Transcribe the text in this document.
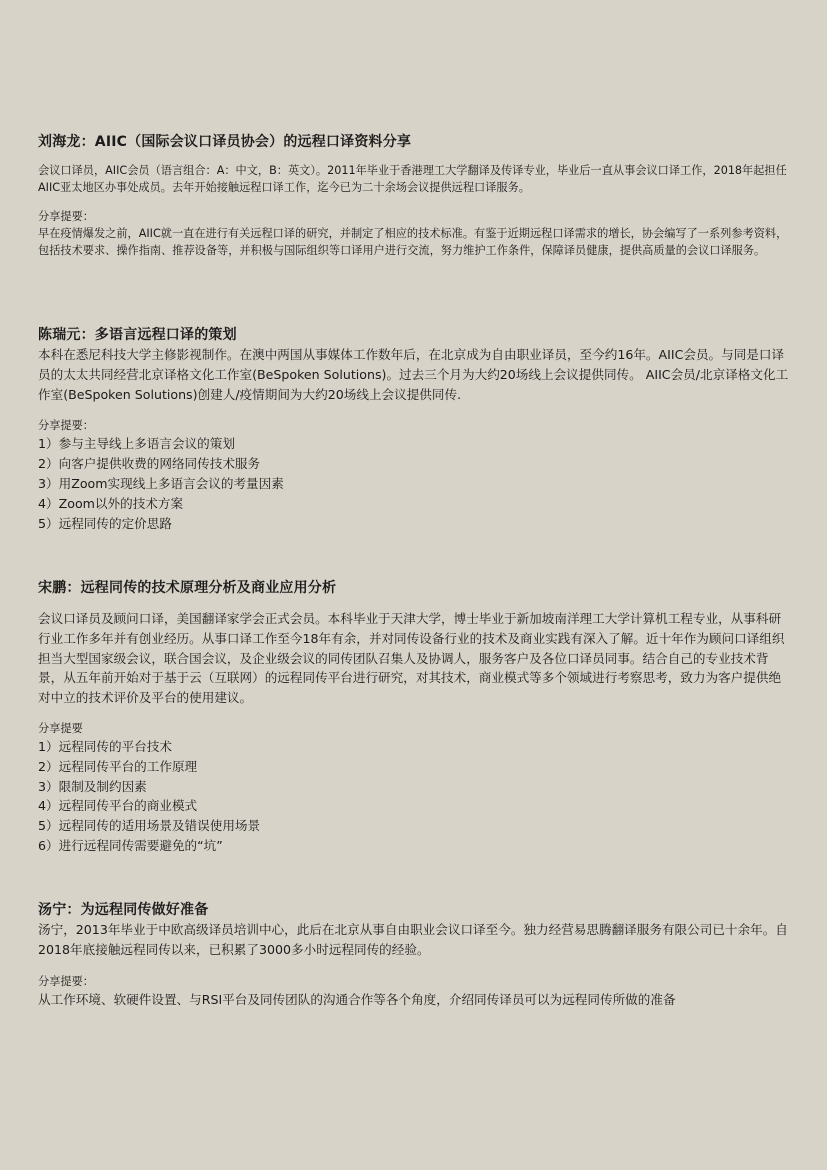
刘海龙：AIIC（国际会议口译员协会）的远程口译资料分享

会议口译员，AIIC会员（语言组合：A：中文，B：英文）。2011年毕业于香港理工大学翻译及传译专业，毕业后一直从事会议口译工作，2018年起担任AIIC亚太地区办事处成员。去年开始接触远程口译工作，迄今已为二十余场会议提供远程口译服务。

分享提要：

早在疫情爆发之前，AIIC就一直在进行有关远程口译的研究，并制定了相应的技术标准。有鉴于近期远程口译需求的增长，协会编写了一系列参考资料，包括技术要求、操作指南、推荐设备等，并积极与国际组织等口译用户进行交流，努力维护工作条件，保障译员健康，提供高质量的会议口译服务。

陈瑞元：多语言远程口译的策划

本科在悉尼科技大学主修影视制作。在澳中两国从事媒体工作数年后，在北京成为自由职业译员，至今约16年。AIIC会员。与同是口译员的太太共同经营北京译格文化工作室(BeSpoken Solutions)。过去三个月为大约20场线上会议提供同传。 AIIC会员/北京译格文化工作室(BeSpoken Solutions)创建人/疫情期间为大约20场线上会议提供同传.

分享提要：

1）参与主导线上多语言会议的策划
2）向客户提供收费的网络同传技术服务
3）用Zoom实现线上多语言会议的考量因素
4）Zoom以外的技术方案
5）远程同传的定价思路
宋鹏：远程同传的技术原理分析及商业应用分析

会议口译员及顾问口译，美国翻译家学会正式会员。本科毕业于天津大学，博士毕业于新加坡南洋理工大学计算机工程专业，从事科研行业工作多年并有创业经历。从事口译工作至今18年有余，并对同传设备行业的技术及商业实践有深入了解。近十年作为顾问口译组织担当大型国家级会议，联合国会议，及企业级会议的同传团队召集人及协调人，服务客户及各位口译员同事。结合自己的专业技术背景，从五年前开始对于基于云（互联网）的远程同传平台进行研究，对其技术，商业模式等多个领域进行考察思考，致力为客户提供绝对中立的技术评价及平台的使用建议。

分享提要

1）远程同传的平台技术
2）远程同传平台的工作原理
3）限制及制约因素
4）远程同传平台的商业模式
5）远程同传的适用场景及错误使用场景
6）进行远程同传需要避免的“坑”
汤宁：为远程同传做好准备

汤宁，2013年毕业于中欧高级译员培训中心，此后在北京从事自由职业会议口译至今。独力经营易思腾翻译服务有限公司已十余年。自2018年底接触远程同传以来，已积累了3000多小时远程同传的经验。

分享提要：

从工作环境、软硬件设置、与RSI平台及同传团队的沟通合作等各个角度，介绍同传译员可以为远程同传所做的准备
